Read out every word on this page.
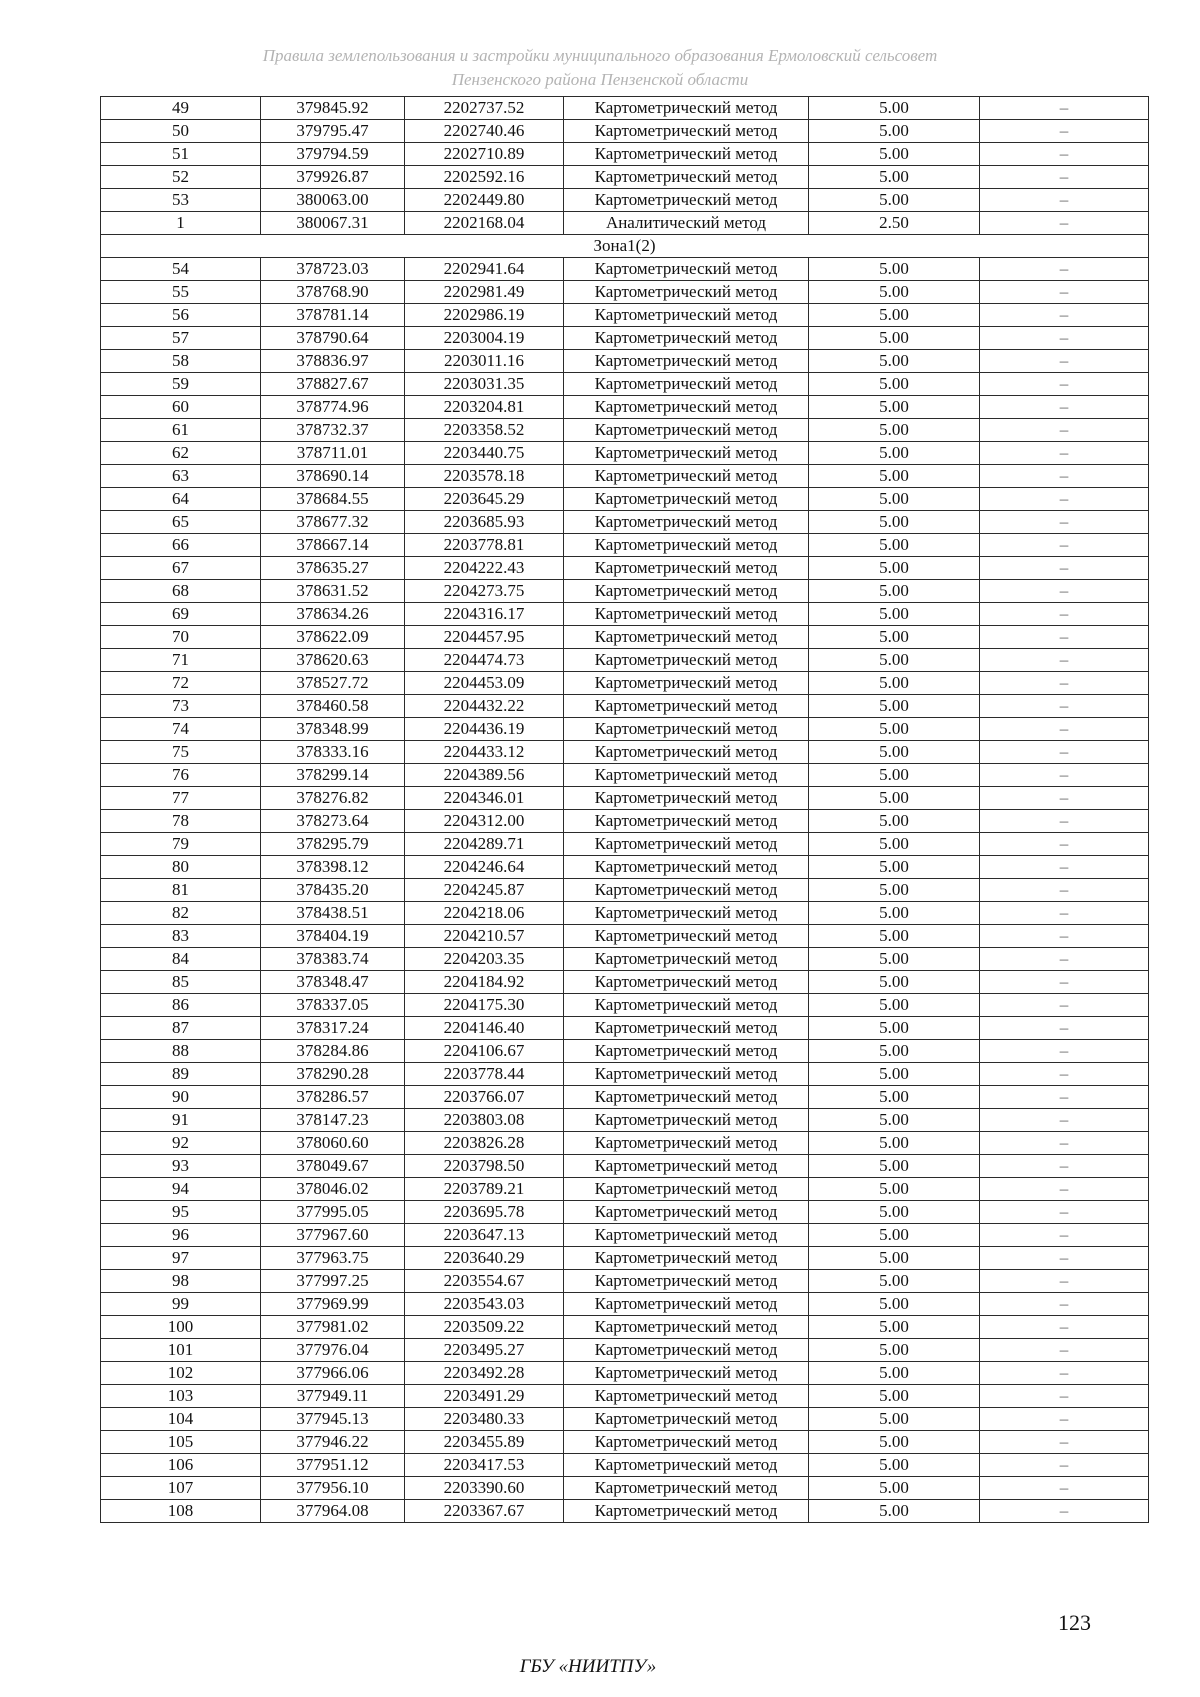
Правила землепользования и застройки муниципального образования Ермоловский сельсовет
Пензенского района Пензенской области
49	379845.92	2202737.52	Картометрический метод	5.00	–
50	379795.47	2202740.46	Картометрический метод	5.00	–
51	379794.59	2202710.89	Картометрический метод	5.00	–
52	379926.87	2202592.16	Картометрический метод	5.00	–
53	380063.00	2202449.80	Картометрический метод	5.00	–
1	380067.31	2202168.04	Аналитический метод	2.50	–
Зона1(2)					
54	378723.03	2202941.64	Картометрический метод	5.00	–
55	378768.90	2202981.49	Картометрический метод	5.00	–
56	378781.14	2202986.19	Картометрический метод	5.00	–
57	378790.64	2203004.19	Картометрический метод	5.00	–
58	378836.97	2203011.16	Картометрический метод	5.00	–
59	378827.67	2203031.35	Картометрический метод	5.00	–
60	378774.96	2203204.81	Картометрический метод	5.00	–
61	378732.37	2203358.52	Картометрический метод	5.00	–
62	378711.01	2203440.75	Картометрический метод	5.00	–
63	378690.14	2203578.18	Картометрический метод	5.00	–
64	378684.55	2203645.29	Картометрический метод	5.00	–
65	378677.32	2203685.93	Картометрический метод	5.00	–
66	378667.14	2203778.81	Картометрический метод	5.00	–
67	378635.27	2204222.43	Картометрический метод	5.00	–
68	378631.52	2204273.75	Картометрический метод	5.00	–
69	378634.26	2204316.17	Картометрический метод	5.00	–
70	378622.09	2204457.95	Картометрический метод	5.00	–
71	378620.63	2204474.73	Картометрический метод	5.00	–
72	378527.72	2204453.09	Картометрический метод	5.00	–
73	378460.58	2204432.22	Картометрический метод	5.00	–
74	378348.99	2204436.19	Картометрический метод	5.00	–
75	378333.16	2204433.12	Картометрический метод	5.00	–
76	378299.14	2204389.56	Картометрический метод	5.00	–
77	378276.82	2204346.01	Картометрический метод	5.00	–
78	378273.64	2204312.00	Картометрический метод	5.00	–
79	378295.79	2204289.71	Картометрический метод	5.00	–
80	378398.12	2204246.64	Картометрический метод	5.00	–
81	378435.20	2204245.87	Картометрический метод	5.00	–
82	378438.51	2204218.06	Картометрический метод	5.00	–
83	378404.19	2204210.57	Картометрический метод	5.00	–
84	378383.74	2204203.35	Картометрический метод	5.00	–
85	378348.47	2204184.92	Картометрический метод	5.00	–
86	378337.05	2204175.30	Картометрический метод	5.00	–
87	378317.24	2204146.40	Картометрический метод	5.00	–
88	378284.86	2204106.67	Картометрический метод	5.00	–
89	378290.28	2203778.44	Картометрический метод	5.00	–
90	378286.57	2203766.07	Картометрический метод	5.00	–
91	378147.23	2203803.08	Картометрический метод	5.00	–
92	378060.60	2203826.28	Картометрический метод	5.00	–
93	378049.67	2203798.50	Картометрический метод	5.00	–
94	378046.02	2203789.21	Картометрический метод	5.00	–
95	377995.05	2203695.78	Картометрический метод	5.00	–
96	377967.60	2203647.13	Картометрический метод	5.00	–
97	377963.75	2203640.29	Картометрический метод	5.00	–
98	377997.25	2203554.67	Картометрический метод	5.00	–
99	377969.99	2203543.03	Картометрический метод	5.00	–
100	377981.02	2203509.22	Картометрический метод	5.00	–
101	377976.04	2203495.27	Картометрический метод	5.00	–
102	377966.06	2203492.28	Картометрический метод	5.00	–
103	377949.11	2203491.29	Картометрический метод	5.00	–
104	377945.13	2203480.33	Картометрический метод	5.00	–
105	377946.22	2203455.89	Картометрический метод	5.00	–
106	377951.12	2203417.53	Картометрический метод	5.00	–
107	377956.10	2203390.60	Картометрический метод	5.00	–
108	377964.08	2203367.67	Картометрический метод	5.00	–
123
ГБУ «НИИТПУ»
